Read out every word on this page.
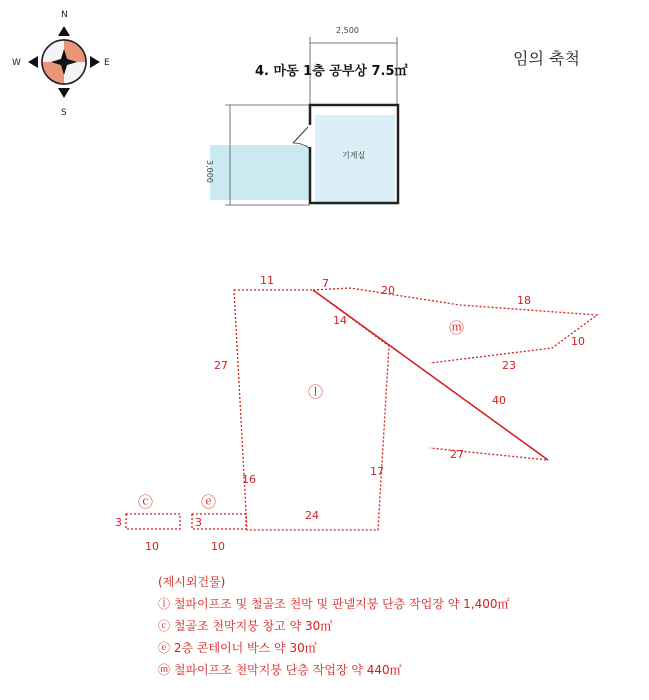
N
S
E
W
4. 마동 1층 공부상 7.5㎡
임의 축척
2,500
3,000
기계실
11	7
20
18
10
14
23
27
40
27
16
17
24
3
10
3
10
ⓛ
ⓜ
ⓒ	ⓔ
(제시외건물)
ⓛ 철파이프조 및 철골조 천막 및 판넬지붕 단층 작업장 약 1,400㎡
ⓒ 철골조 천막지붕 창고 약 30㎡
ⓔ 2층 콘테이너 박스 약 30㎡
ⓜ 철파이프조 천막지붕 단층 작업장 약 440㎡
